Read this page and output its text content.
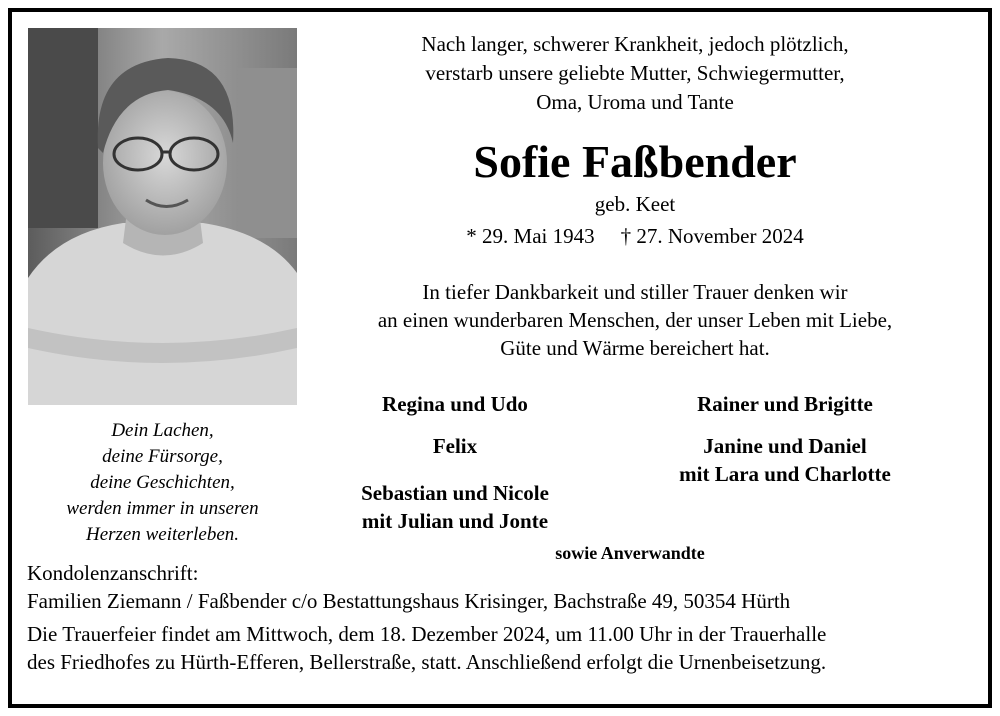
Dein Lachen,
deine Fürsorge,
deine Geschichten,
werden immer in unseren
Herzen weiterleben.
Nach langer, schwerer Krankheit, jedoch plötzlich,
verstarb unsere geliebte Mutter, Schwiegermutter,
Oma, Uroma und Tante
Sofie Faßbender
geb. Keet
* 29. Mai 1943 † 27. November 2024
In tiefer Dankbarkeit und stiller Trauer denken wir
an einen wunderbaren Menschen, der unser Leben mit Liebe,
Güte und Wärme bereichert hat.
Regina und Udo
Felix
Sebastian und Nicole
mit Julian und Jonte
Rainer und Brigitte
Janine und Daniel
mit Lara und Charlotte
sowie Anverwandte
Kondolenzanschrift:
Familien Ziemann / Faßbender c/o Bestattungshaus Krisinger, Bachstraße 49, 50354 Hürth
Die Trauerfeier findet am Mittwoch, dem 18. Dezember 2024, um 11.00 Uhr in der Trauerhalle
des Friedhofes zu Hürth-Efferen, Bellerstraße, statt. Anschließend erfolgt die Urnenbeisetzung.
